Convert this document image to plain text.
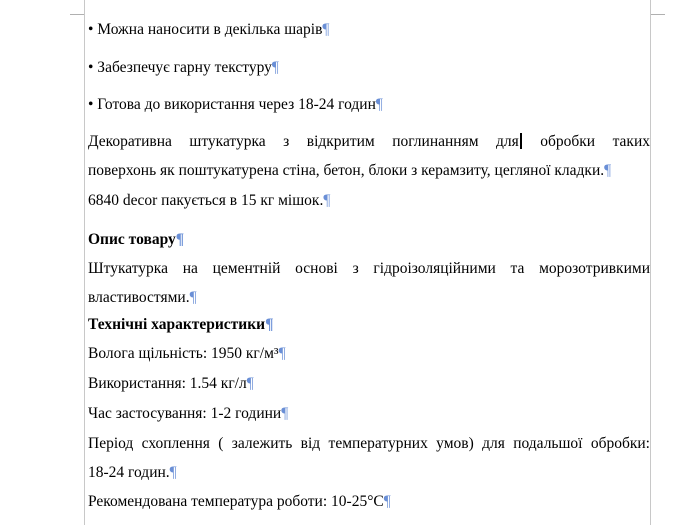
• Можна наносити в декілька шарів¶
• Забезпечує гарну текстуру¶
• Готова до використання через 18-24 годин¶
Декоративна штукатурка з відкритим поглинанням для обробки таких
поверхонь як поштукатурена стіна, бетон, блоки з керамзиту, цегляної кладки.¶
6840 decor пакується в 15 кг мішок.¶
Опис товару¶
Штукатурка на цементній основі з гідроізоляційними та морозотривкими
властивостями.¶
Технічні характеристики¶
Вологa щільність: 1950 кг/м³¶
Використання: 1.54 кг/л¶
Час застосування: 1-2 години¶
Період схоплення ( залежить від температурних умов) для подальшої обробки:
18-24 годин.¶
Рекомендована температура роботи: 10-25°C¶
